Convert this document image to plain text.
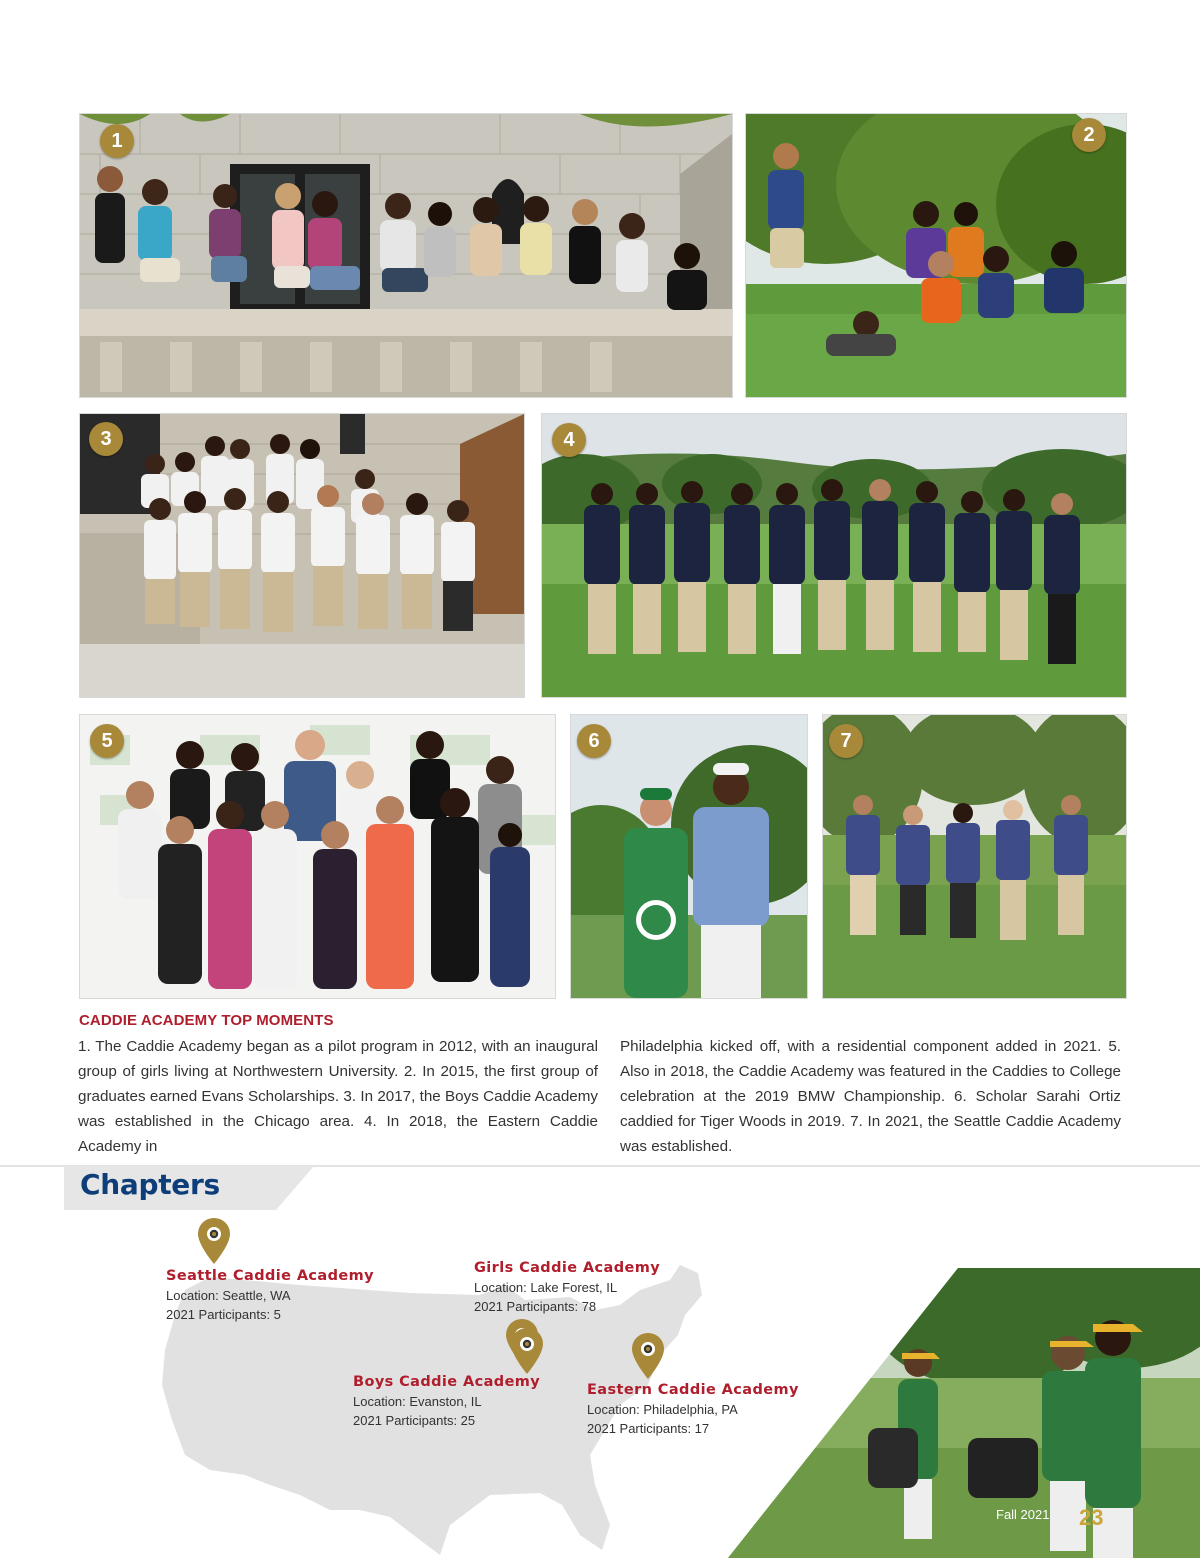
1	2
3	4
5	6	7
CADDIE ACADEMY TOP MOMENTS
1. The Caddie Academy began as a pilot program in 2012, with an inaugural group of girls living at Northwestern University. 2. In 2015, the first group of graduates earned Evans Scholarships. 3. In 2017, the Boys Caddie Academy was established in the Chicago area. 4. In 2018, the Eastern Caddie Academy in
Philadelphia kicked off, with a residential component added in 2021. 5. Also in 2018, the Caddie Academy was featured in the Caddies to College celebration at the 2019 BMW Championship. 6. Scholar Sarahi Ortiz caddied for Tiger Woods in 2019. 7. In 2021, the Seattle Caddie Academy was established.
Chapters
Seattle Caddie Academy
Location: Seattle, WA
2021 Participants: 5
Girls Caddie Academy
Location: Lake Forest, IL
2021 Participants: 78
Boys Caddie Academy
Location: Evanston, IL
2021 Participants: 25
Eastern Caddie Academy
Location: Philadelphia, PA
2021 Participants: 17
Fall 2021 23
